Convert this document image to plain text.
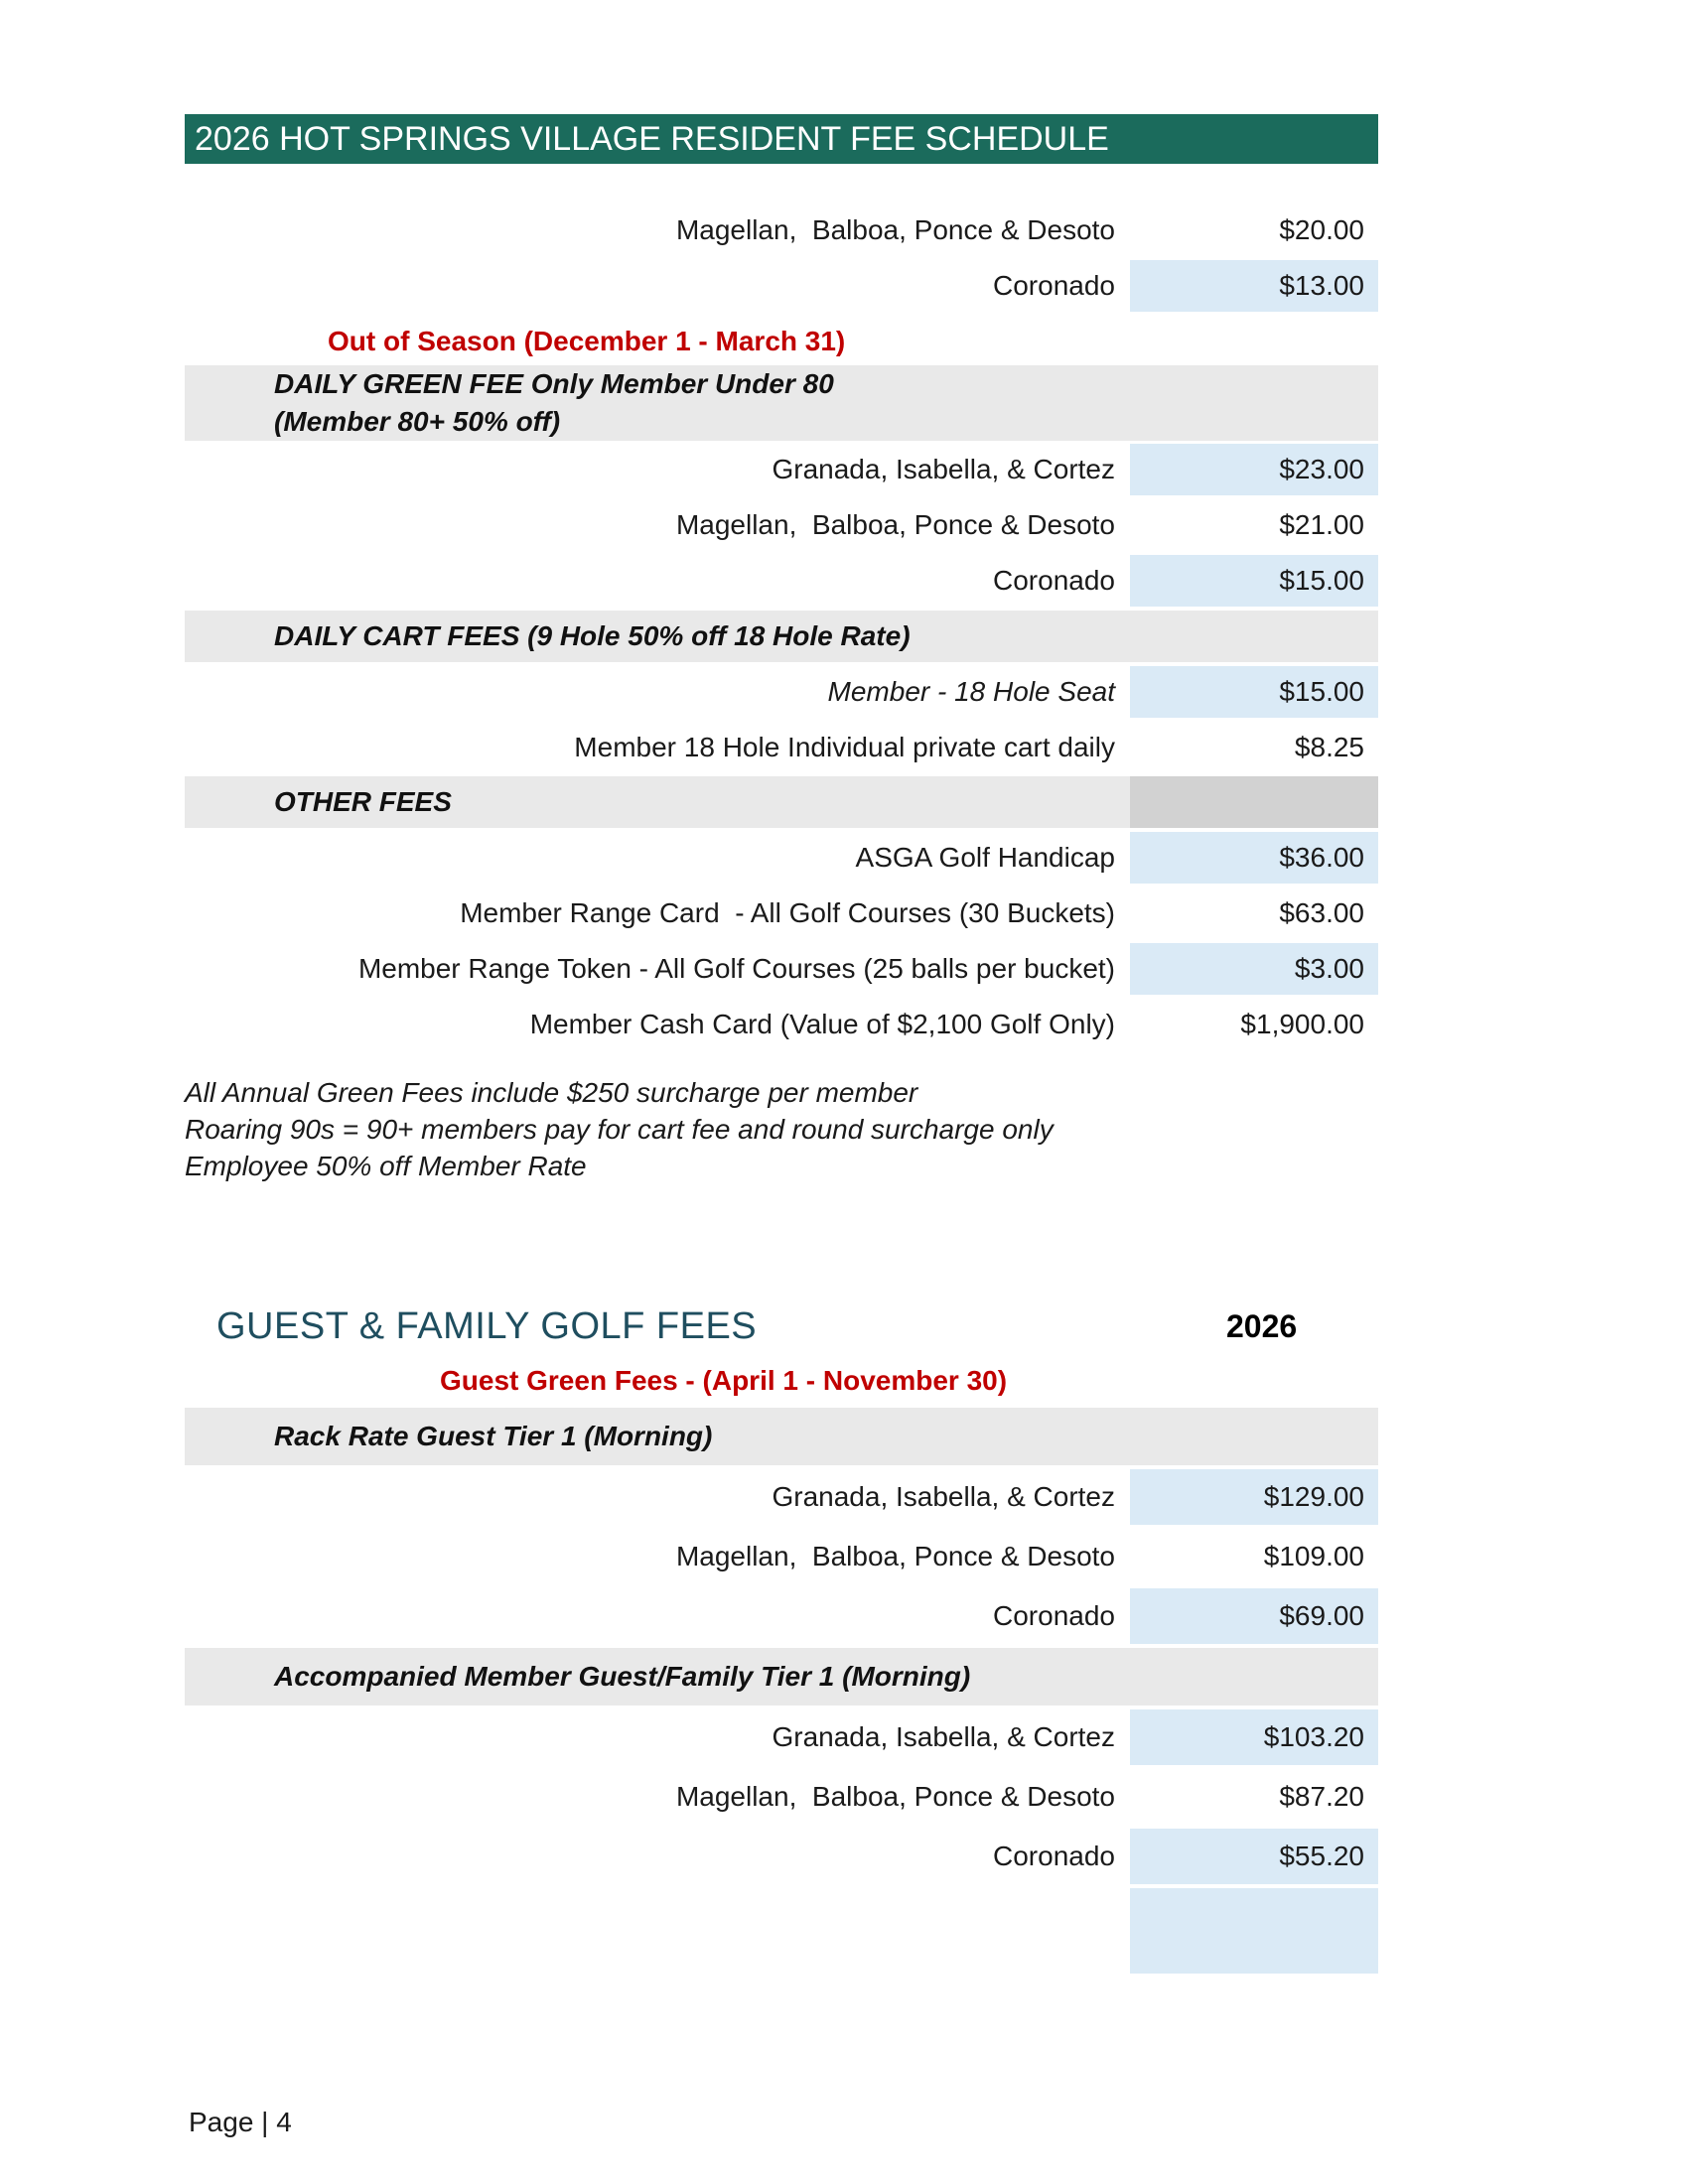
2026 HOT SPRINGS VILLAGE RESIDENT FEE SCHEDULE
Magellan,  Balboa, Ponce & Desoto	$20.00
Coronado	$13.00
Out of Season (December 1 - March 31)
DAILY GREEN FEE Only Member Under 80
(Member 80+ 50% off)
Granada, Isabella, & Cortez	$23.00
Magellan,  Balboa, Ponce & Desoto	$21.00
Coronado	$15.00
DAILY CART FEES (9 Hole 50% off 18 Hole Rate)
Member - 18 Hole Seat	$15.00
Member 18 Hole Individual private cart daily	$8.25
OTHER FEES
ASGA Golf Handicap	$36.00
Member Range Card  - All Golf Courses (30 Buckets)	$63.00
Member Range Token - All Golf Courses (25 balls per bucket)	$3.00
Member Cash Card (Value of $2,100 Golf Only)	$1,900.00
All Annual Green Fees include $250 surcharge per member
Roaring 90s = 90+ members pay for cart fee and round surcharge only
Employee 50% off Member Rate
GUEST & FAMILY GOLF FEES	2026
Guest Green Fees - (April 1 - November 30)
Rack Rate Guest Tier 1 (Morning)
Granada, Isabella, & Cortez	$129.00
Magellan,  Balboa, Ponce & Desoto	$109.00
Coronado	$69.00
Accompanied Member Guest/Family Tier 1 (Morning)
Granada, Isabella, & Cortez	$103.20
Magellan,  Balboa, Ponce & Desoto	$87.20
Coronado	$55.20
Page | 4
